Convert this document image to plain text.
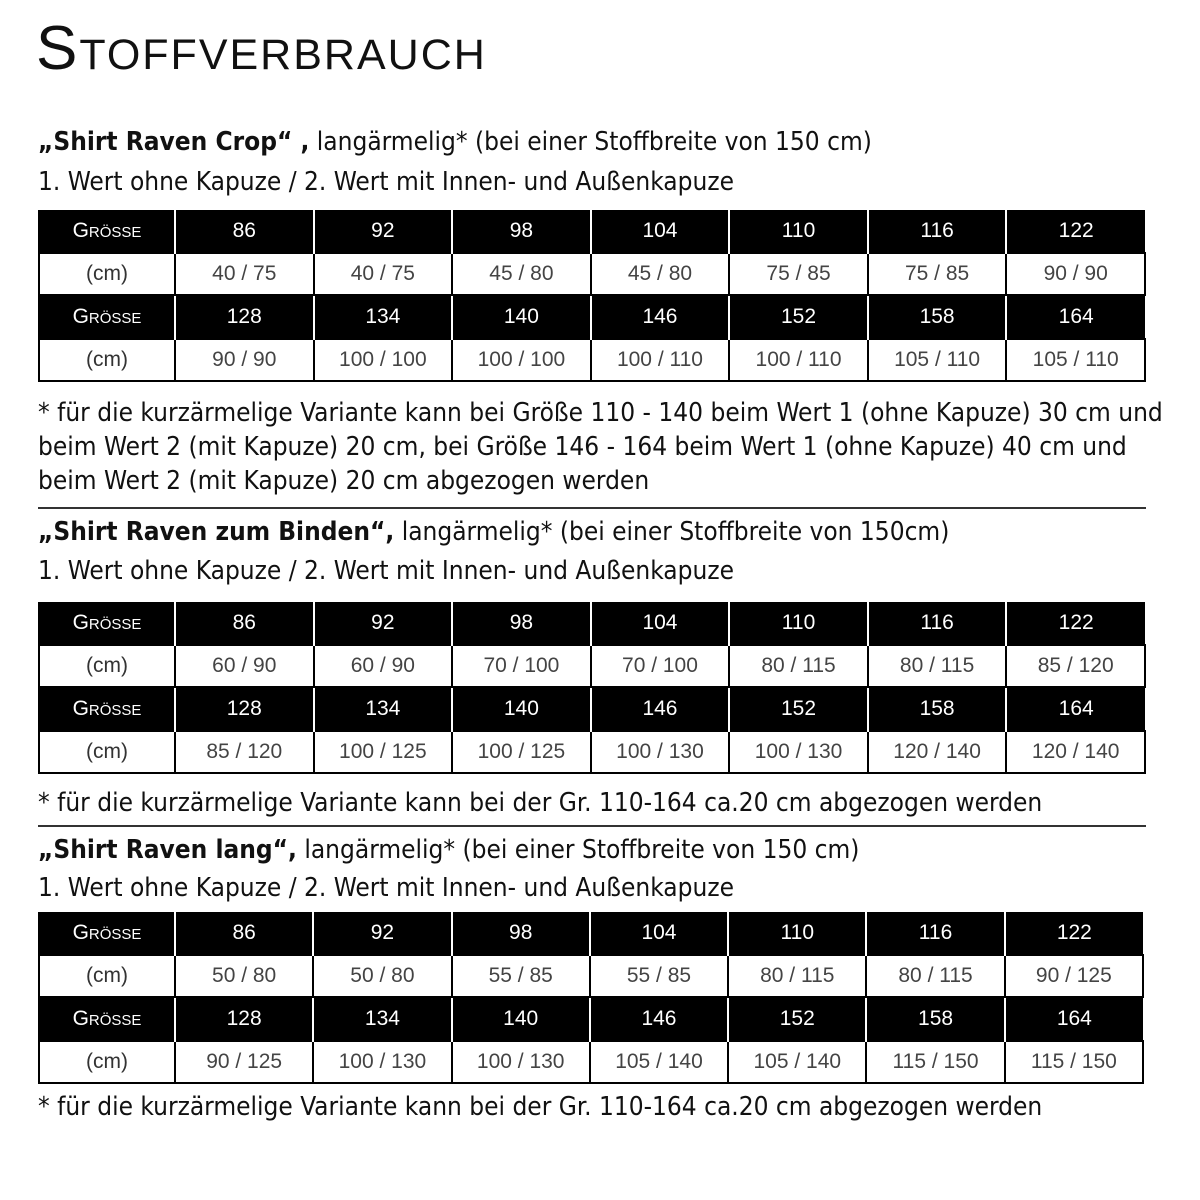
Stoffverbrauch
„Shirt Raven Crop“ , langärmelig* (bei einer Stoffbreite von 150 cm)
1. Wert ohne Kapuze / 2. Wert mit Innen- und Außenkapuze
Größe	86	92	98	104	110	116	122
(cm)	40 / 75	40 / 75	45 / 80	45 / 80	75 / 85	75 / 85	90 / 90
Größe	128	134	140	146	152	158	164
(cm)	90 / 90	100 / 100	100 / 100	100 / 110	100 / 110	105 / 110	105 / 110
* für die kurzärmelige Variante kann bei Größe 110 - 140 beim Wert 1 (ohne Kapuze) 30 cm und beim Wert 2 (mit Kapuze) 20 cm, bei Größe 146 - 164 beim Wert 1 (ohne Kapuze) 40 cm und beim Wert 2 (mit Kapuze) 20 cm abgezogen werden
„Shirt Raven zum Binden“, langärmelig* (bei einer Stoffbreite von 150cm)
1. Wert ohne Kapuze / 2. Wert mit Innen- und Außenkapuze
Größe	86	92	98	104	110	116	122
(cm)	60 / 90	60 / 90	70 / 100	70 / 100	80 / 115	80 / 115	85 / 120
Größe	128	134	140	146	152	158	164
(cm)	85 / 120	100 / 125	100 / 125	100 / 130	100 / 130	120 / 140	120 / 140
* für die kurzärmelige Variante kann bei der Gr. 110-164 ca.20 cm abgezogen werden
„Shirt Raven lang“, langärmelig* (bei einer Stoffbreite von 150 cm)
1. Wert ohne Kapuze / 2. Wert mit Innen- und Außenkapuze
Größe	86	92	98	104	110	116	122
(cm)	50 / 80	50 / 80	55 / 85	55 / 85	80 / 115	80 / 115	90 / 125
Größe	128	134	140	146	152	158	164
(cm)	90 / 125	100 / 130	100 / 130	105 / 140	105 / 140	115 / 150	115 / 150
* für die kurzärmelige Variante kann bei der Gr. 110-164 ca.20 cm abgezogen werden
